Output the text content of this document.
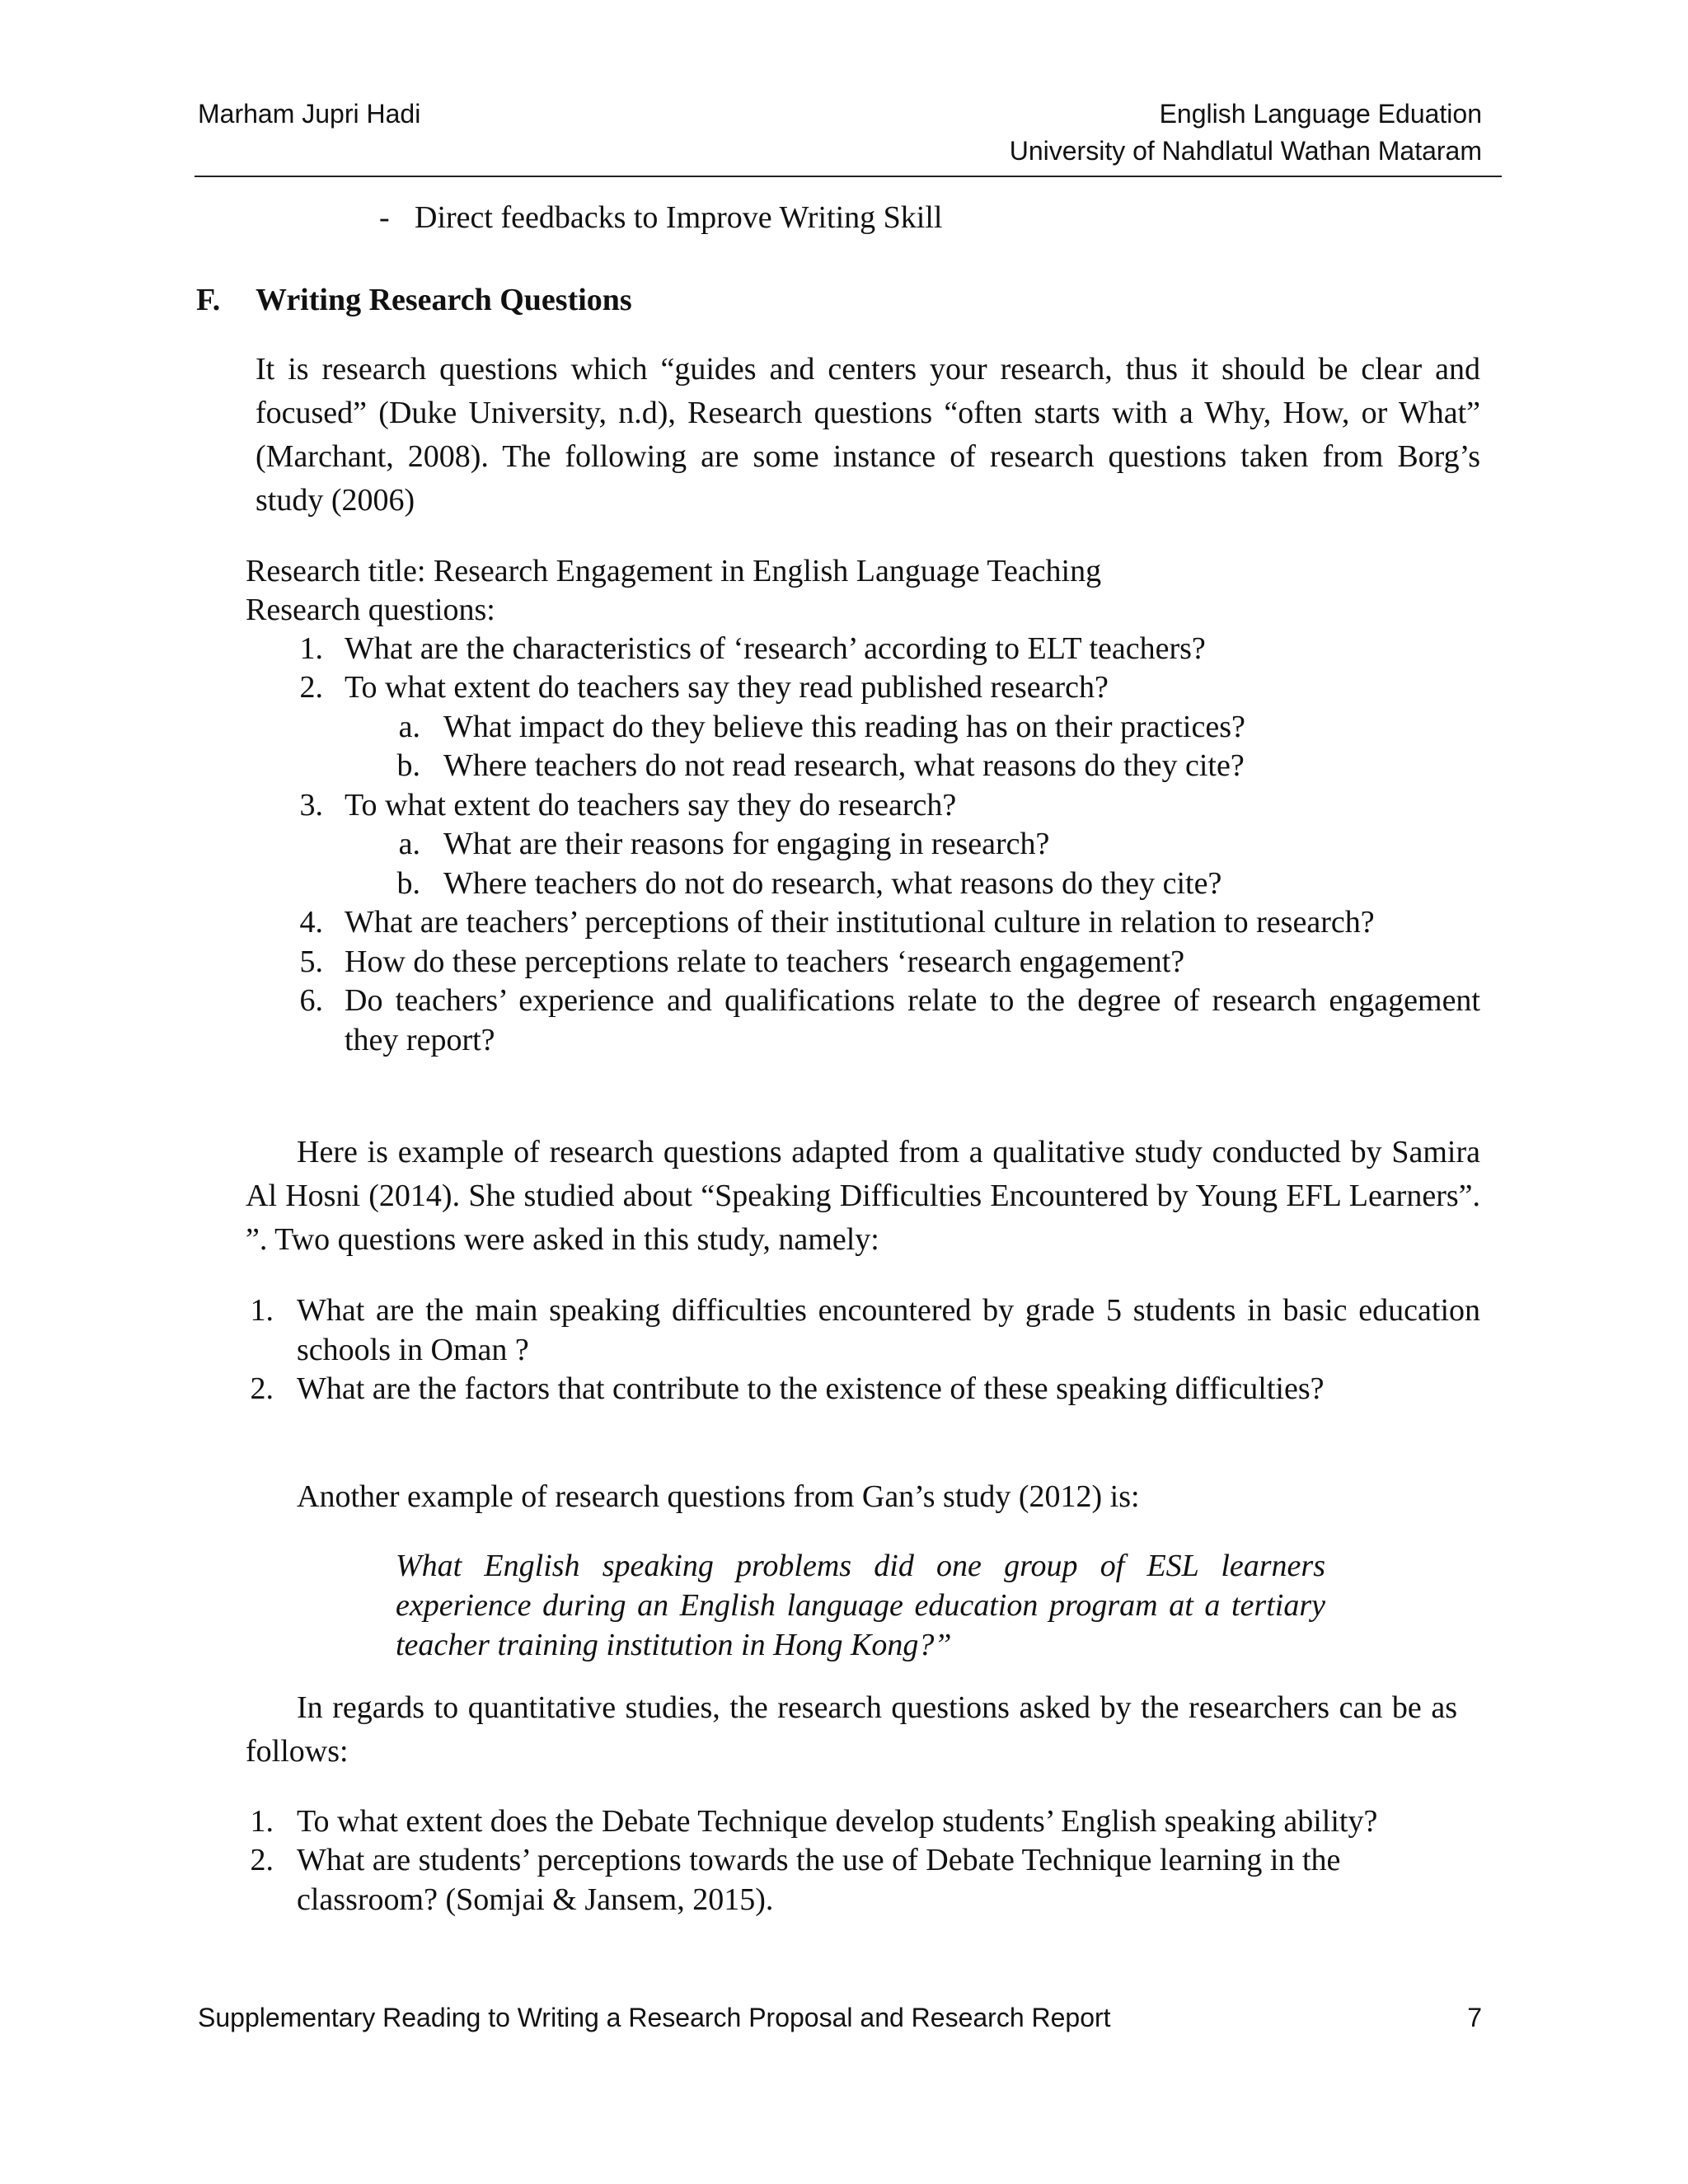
Marham Jupri Hadi	English Language Eduation
University of Nahdlatul Wathan Mataram
- Direct feedbacks to Improve Writing Skill
F. Writing Research Questions
It is research questions which “guides and centers your research, thus it should be clear and focused” (Duke University, n.d), Research questions “often starts with a Why, How, or What” (Marchant, 2008). The following are some instance of research questions taken from Borg’s study (2006)
Research title: Research Engagement in English Language Teaching
Research questions:
1. What are the characteristics of ‘research’ according to ELT teachers?
2. To what extent do teachers say they read published research?
a. What impact do they believe this reading has on their practices?
b. Where teachers do not read research, what reasons do they cite?
3. To what extent do teachers say they do research?
a. What are their reasons for engaging in research?
b. Where teachers do not do research, what reasons do they cite?
4. What are teachers’ perceptions of their institutional culture in relation to research?
5. How do these perceptions relate to teachers ‘research engagement?
6. Do teachers’ experience and qualifications relate to the degree of research engagement they report?
Here is example of research questions adapted from a qualitative study conducted by Samira Al Hosni (2014). She studied about “Speaking Difficulties Encountered by Young EFL Learners”. ”. Two questions were asked in this study, namely:
1. What are the main speaking difficulties encountered by grade 5 students in basic education schools in Oman ?
2. What are the factors that contribute to the existence of these speaking difficulties?
Another example of research questions from Gan’s study (2012) is:
What English speaking problems did one group of ESL learners experience during an English language education program at a tertiary teacher training institution in Hong Kong?”
In regards to quantitative studies, the research questions asked by the researchers can be as follows:
1. To what extent does the Debate Technique develop students’ English speaking ability?
2. What are students’ perceptions towards the use of Debate Technique learning in the classroom? (Somjai & Jansem, 2015).
Supplementary Reading to Writing a Research Proposal and Research Report	7
